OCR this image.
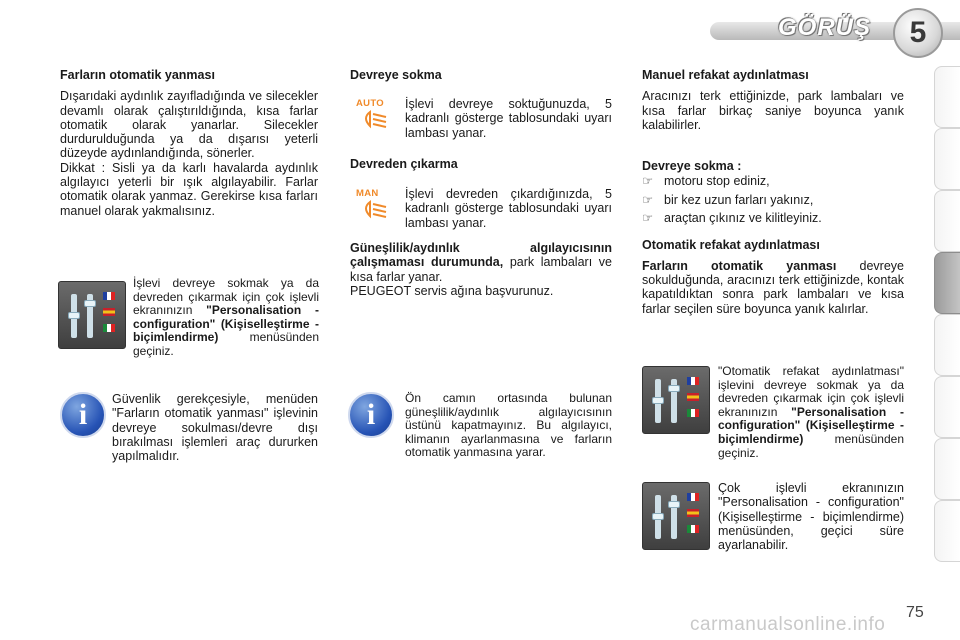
GÖRÜŞ 5
Farların otomatik yanması
Dışarıdaki aydınlık zayıfladığında ve silecekler devamlı olarak çalıştırıldığında, kısa farlar otomatik olarak yanarlar. Silecekler durdurulduğunda ya da dışarısı yeterli düzeyde aydınlandığında, sönerler.
Dikkat : Sisli ya da karlı havalarda aydınlık algılayıcı yeterli bir ışık algılayabilir. Farlar otomatik olarak yanmaz. Gerekirse kısa farları manuel olarak yakmalısınız.
İşlevi devreye sokmak ya da devreden çıkarmak için çok işlevli ekranınızın "Personalisation - configuration" (Kişiselleştirme - biçimlendirme)	menüsünden geçiniz.
i Güvenlik gerekçesiyle, menüden "Farların otomatik yanması" işlevinin devreye sokulması/devre dışı bırakılması işlemleri araç dururken yapılmalıdır.
Devreye sokma
AUTO İşlevi devreye soktuğunuzda, 5 kadranlı gösterge tablosundaki uyarı lambası yanar.
Devreden çıkarma
MAN İşlevi devreden çıkardığınızda, 5 kadranlı gösterge tablosundaki uyarı lambası yanar.
Güneşlilik/aydınlık algılayıcısının çalışmaması durumunda, park lambaları ve kısa farlar yanar.
PEUGEOT servis ağına başvurunuz.
i Ön camın ortasında bulunan güneşlilik/aydınlık algılayıcısının üstünü kapatmayınız. Bu algılayıcı, klimanın ayarlanmasına ve farların otomatik yanmasına yarar.
Manuel refakat aydınlatması
Aracınızı terk ettiğinizde, park lambaları ve kısa farlar birkaç saniye boyunca yanık kalabilirler.
Devreye sokma :
☞ motoru stop ediniz,
☞ bir kez uzun farları yakınız,
☞ araçtan çıkınız ve kilitleyiniz.
Otomatik refakat aydınlatması
Farların otomatik yanması devreye sokulduğunda, aracınızı terk ettiğinizde, kontak kapatıldıktan sonra park lambaları ve kısa farlar seçilen süre boyunca yanık kalırlar.
"Otomatik refakat aydınlatması" işlevini devreye sokmak ya da devreden çıkarmak için çok işlevli ekranınızın "Personalisation - configuration" (Kişiselleştirme - biçimlendirme)	menüsünden geçiniz.
Çok işlevli ekranınızın "Personalisation - configuration" (Kişiselleştirme - biçimlendirme) menüsünden, geçici süre ayarlanabilir.
carmanualsonline.info
75
